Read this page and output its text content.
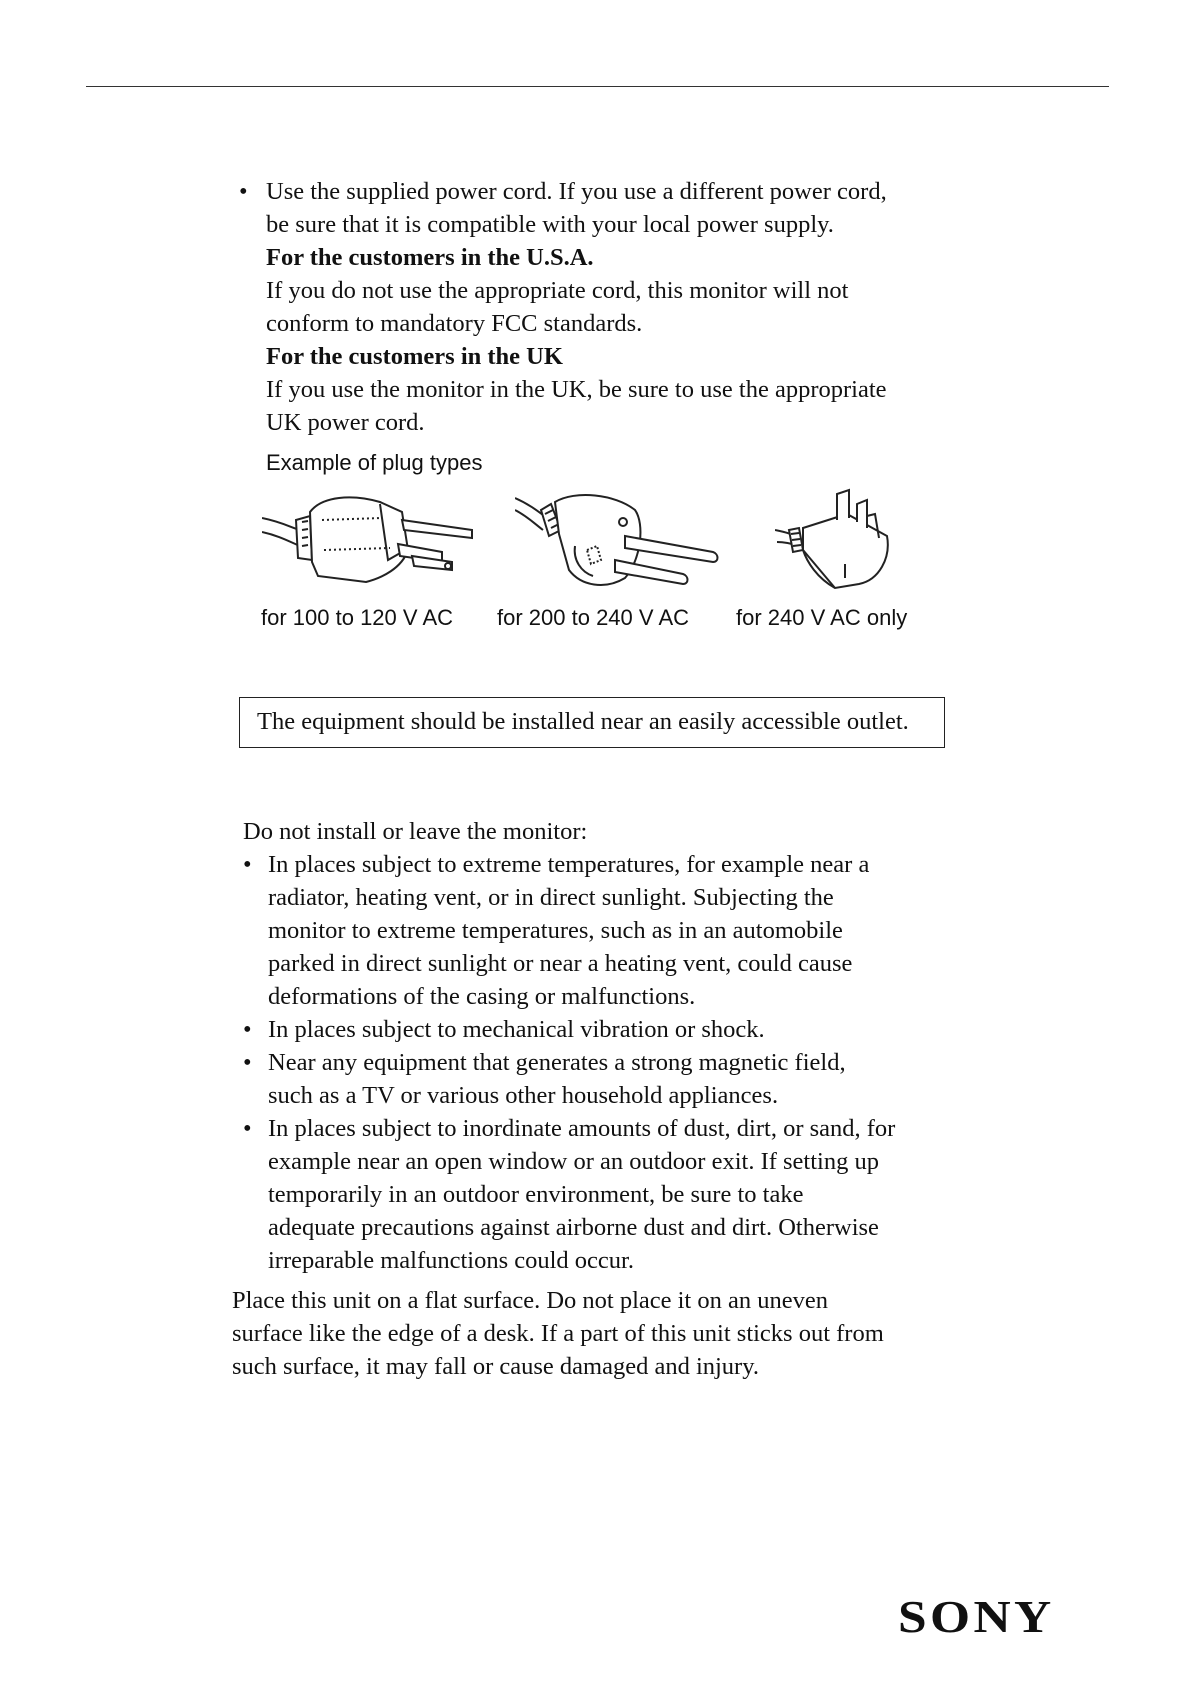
• Use the supplied power cord. If you use a different power cord,
be sure that it is compatible with your local power supply.
For the customers in the U.S.A.
If you do not use the appropriate cord, this monitor will not
conform to mandatory FCC standards.
For the customers in the UK
If you use the monitor in the UK, be sure to use the appropriate
UK power cord.
Example of plug types
for 100 to 120 V AC for 200 to 240 V AC for 240 V AC only
The equipment should be installed near an easily accessible outlet.
Do not install or leave the monitor:
• In places subject to extreme temperatures, for example near a
radiator, heating vent, or in direct sunlight. Subjecting the
monitor to extreme temperatures, such as in an automobile
parked in direct sunlight or near a heating vent, could cause
deformations of the casing or malfunctions.
• In places subject to mechanical vibration or shock.
• Near any equipment that generates a strong magnetic field,
such as a TV or various other household appliances.
• In places subject to inordinate amounts of dust, dirt, or sand, for
example near an open window or an outdoor exit. If setting up
temporarily in an outdoor environment, be sure to take
adequate precautions against airborne dust and dirt. Otherwise
irreparable malfunctions could occur.
Place this unit on a flat surface. Do not place it on an uneven
surface like the edge of a desk. If a part of this unit sticks out from
such surface, it may fall or cause damaged and injury.
SONY
